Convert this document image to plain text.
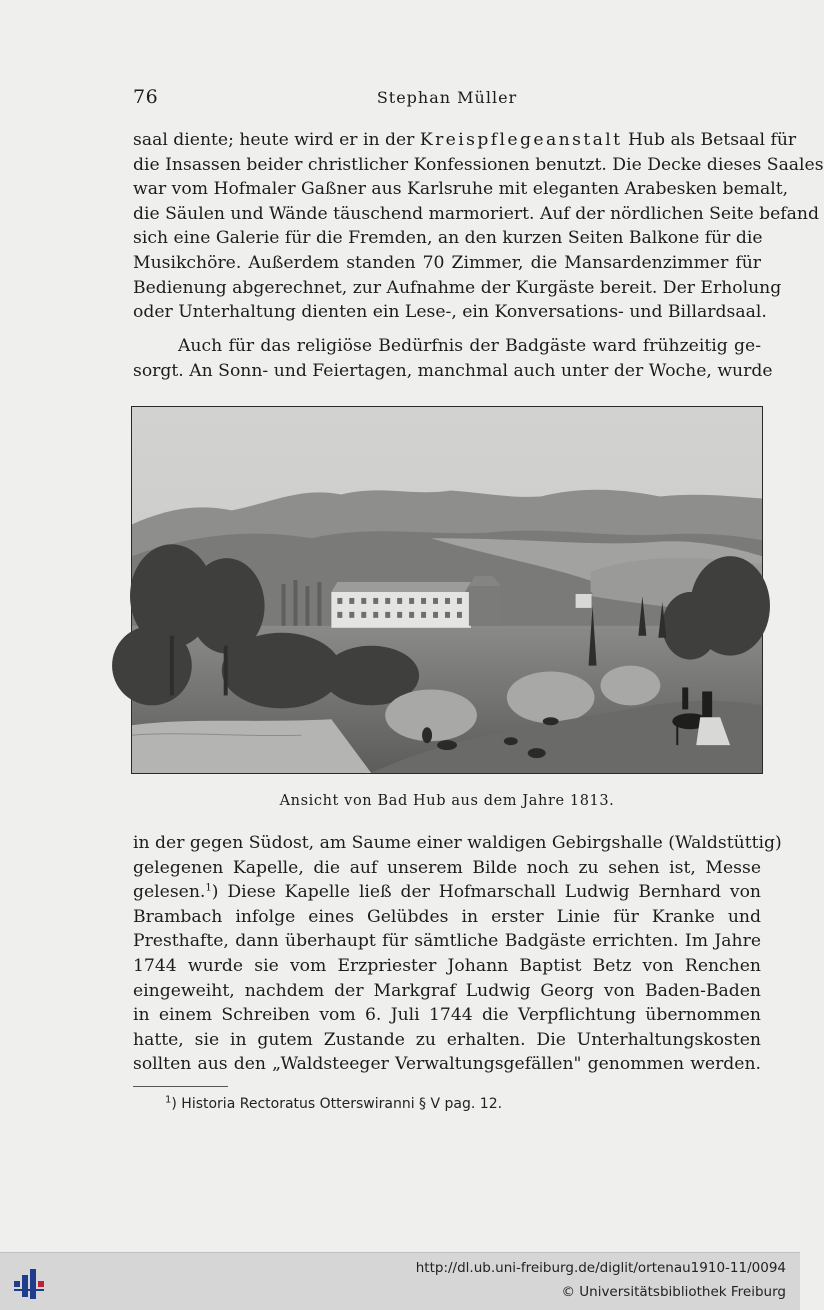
76	Stephan Müller

saal diente; heute wird er in der Kreispflegeanstalt Hub als Betsaal für
die Insassen beider christlicher Konfessionen benutzt. Die Decke dieses Saales
war vom Hofmaler Gaßner aus Karlsruhe mit eleganten Arabesken bemalt,
die Säulen und Wände täuschend marmoriert. Auf der nördlichen Seite befand
sich eine Galerie für die Fremden, an den kurzen Seiten Balkone für die
Musikchöre. Außerdem standen 70 Zimmer, die Mansardenzimmer für
Bedienung abgerechnet, zur Aufnahme der Kurgäste bereit. Der Erholung
oder Unterhaltung dienten ein Lese-, ein Konversations- und Billardsaal.

Auch für das religiöse Bedürfnis der Badgäste ward frühzeitig ge-
sorgt. An Sonn- und Feiertagen, manchmal auch unter der Woche, wurde

Ansicht von Bad Hub aus dem Jahre 1813.

in der gegen Südost, am Saume einer waldigen Gebirgshalle (Waldstüttig)
gelegenen Kapelle, die auf unserem Bilde noch zu sehen ist, Messe
gelesen.$^1$) Diese Kapelle ließ der Hofmarschall Ludwig Bernhard von
Brambach infolge eines Gelübdes in erster Linie für Kranke und
Presthafte, dann überhaupt für sämtliche Badgäste errichten. Im Jahre
1744 wurde sie vom Erzpriester Johann Baptist Betz von Renchen
eingeweiht, nachdem der Markgraf Ludwig Georg von Baden-Baden
in einem Schreiben vom 6. Juli 1744 die Verpflichtung übernommen
hatte, sie in gutem Zustande zu erhalten. Die Unterhaltungskosten
sollten aus den „Waldsteeger Verwaltungsgefällen" genommen werden.

$^1$) Historia Rectoratus Otterswiranni § V pag. 12.
http://dl.ub.uni-freiburg.de/diglit/ortenau1910-11/0094
© Universitätsbibliothek Freiburg
